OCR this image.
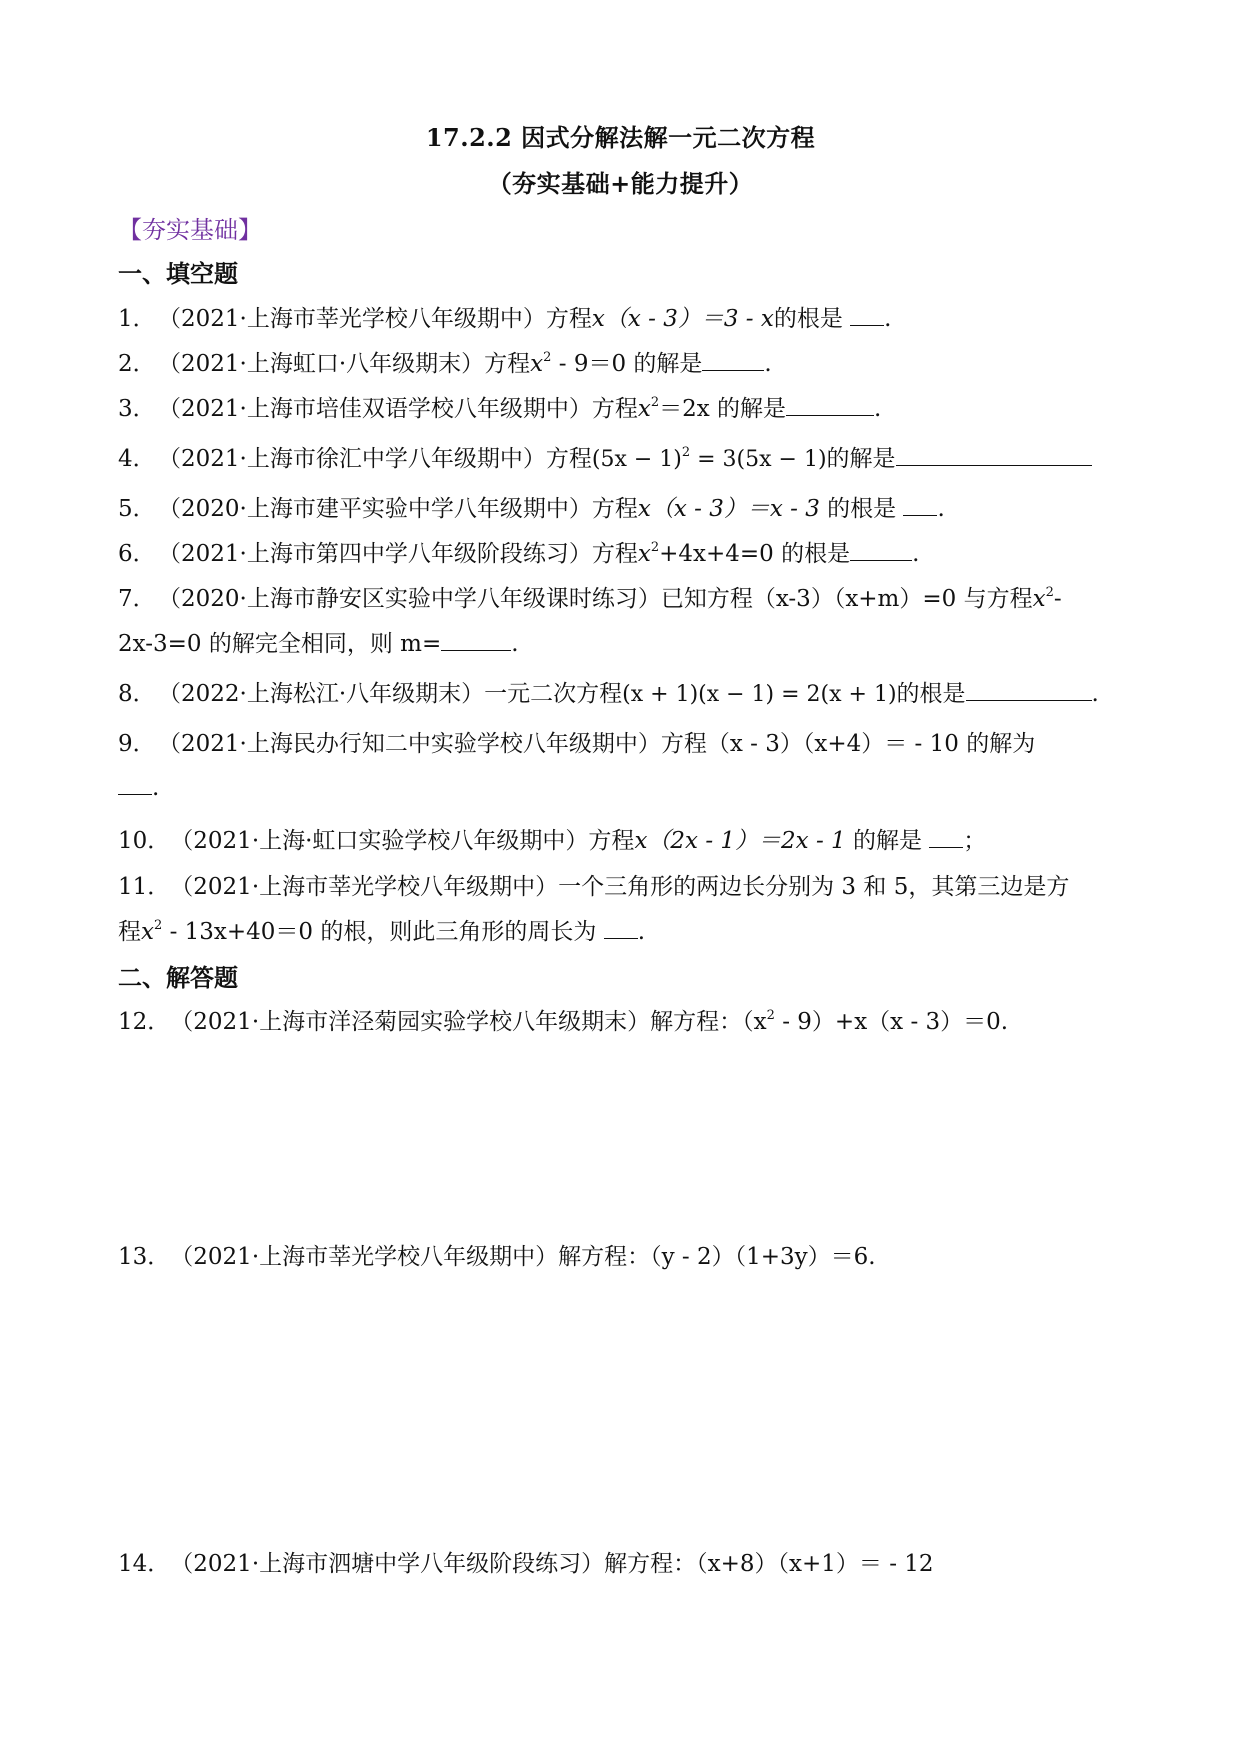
17.2.2 因式分解法解一元二次方程
（夯实基础+能力提升）
【夯实基础】
一、填空题
1． （2021·上海市莘光学校八年级期中）方程x（x - 3）＝3 - x的根是 .
2． （2021·上海虹口·八年级期末）方程$x^2 - 9=0$ 的解是	.
3． （2021·上海市培佳双语学校八年级期中）方程$x^2=2x$ 的解是	.
4． （2021·上海市徐汇中学八年级期中）方程$(5x - 1)^2 = 3(5x - 1)$的解是
5． （2020·上海市建平实验中学八年级期中）方程x（x - 3）＝x - 3 的根是 .
6． （2021·上海市第四中学八年级阶段练习）方程$x^2+4x+4=0$ 的根是	.
7． （2020·上海市静安区实验中学八年级课时练习）已知方程（x-3）（x+m）=0 与方程$x^2-$
2x-3=0 的解完全相同，则 m=	.
8． （2022·上海松江·八年级期末）一元二次方程(x + 1)(x − 1) = 2(x + 1)的根是	.
9． （2021·上海民办行知二中实验学校八年级期中）方程（x - 3）（x+4）＝ - 10 的解为
.
10．（2021·上海·虹口实验学校八年级期中）方程x（2x - 1）＝2x - 1 的解是 ；
11．（2021·上海市莘光学校八年级期中）一个三角形的两边长分别为 3 和 5，其第三边是方
程$x^2 - 13x+40=0$ 的根，则此三角形的周长为 .
二、解答题
12．（2021·上海市洋泾菊园实验学校八年级期末）解方程：$(x^2 - 9)+x(x - 3)=0$.
13．（2021·上海市莘光学校八年级期中）解方程：（y - 2）（1+3y）＝6.
14．（2021·上海市泗塘中学八年级阶段练习）解方程：（x+8）（x+1）＝ - 12
